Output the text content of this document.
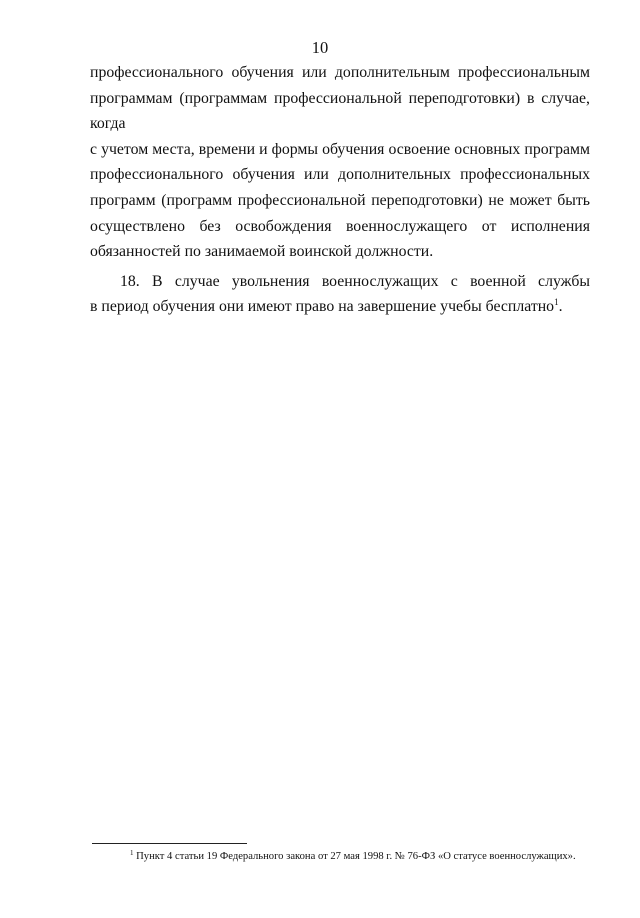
10
профессионального обучения или дополнительным профессиональным
программам (программам профессиональной переподготовки) в случае, когда
с учетом места, времени и формы обучения освоение основных программ
профессионального обучения или дополнительных профессиональных
программ (программ профессиональной переподготовки) не может быть
осуществлено без освобождения военнослужащего от исполнения
обязанностей по занимаемой воинской должности.
18. В случае увольнения военнослужащих с военной службы
в период обучения они имеют право на завершение учебы бесплатно$^1$.
$^1$ Пункт 4 статьи 19 Федерального закона от 27 мая 1998 г. № 76-ФЗ «О статусе военнослужащих».
